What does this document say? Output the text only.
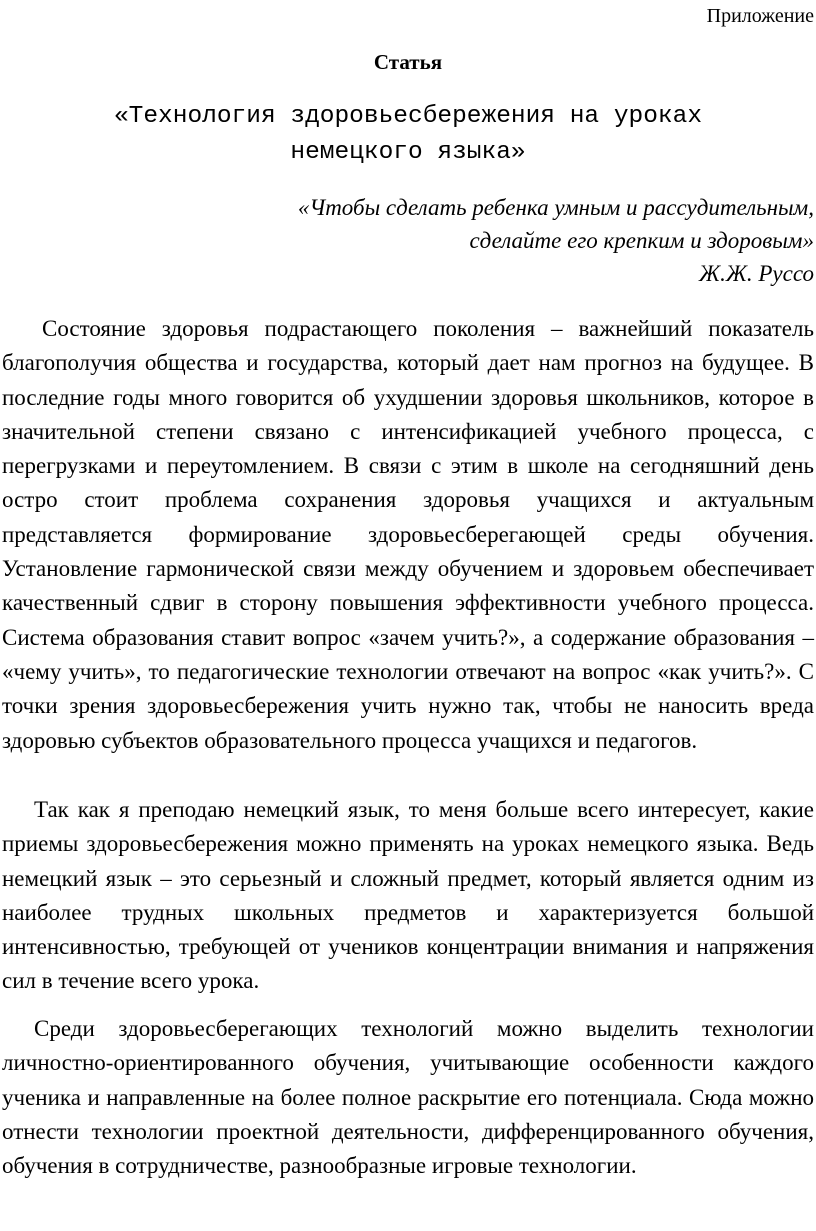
Приложение
Статья
«Технология здоровьесбережения на уроках
немецкого языка»
«Чтобы сделать ребенка умным и рассудительным,
сделайте его крепким и здоровым»
Ж.Ж. Руссо

Состояние здоровья подрастающего поколения – важнейший показатель благополучия общества и государства, который дает нам прогноз на будущее. В последние годы много говорится об ухудшении здоровья школьников, которое в значительной степени связано с интенсификацией учебного процесса, с перегрузками и переутомлением. В связи с этим в школе на сегодняшний день остро стоит проблема сохранения здоровья учащихся и актуальным представляется формирование здоровьесберегающей среды обучения. Установление гармонической связи между обучением и здоровьем обеспечивает качественный сдвиг в сторону повышения эффективности учебного процесса. Система образования ставит вопрос «зачем учить?», а содержание образования – «чему учить», то педагогические технологии отвечают на вопрос «как учить?». С точки зрения здоровьесбережения учить нужно так, чтобы не наносить вреда здоровью субъектов образовательного процесса учащихся и педагогов.

Так как я преподаю немецкий язык, то меня больше всего интересует, какие приемы здоровьесбережения можно применять на уроках немецкого языка. Ведь немецкий язык – это серьезный и сложный предмет, который является одним из наиболее трудных школьных предметов и характеризуется большой интенсивностью, требующей от учеников концентрации внимания и напряжения сил в течение всего урока.

Среди здоровьесберегающих технологий можно выделить технологии личностно-ориентированного обучения, учитывающие особенности каждого ученика и направленные на более полное раскрытие его потенциала. Сюда можно отнести технологии проектной деятельности, дифференцированного обучения, обучения в сотрудничестве, разнообразные игровые технологии.
